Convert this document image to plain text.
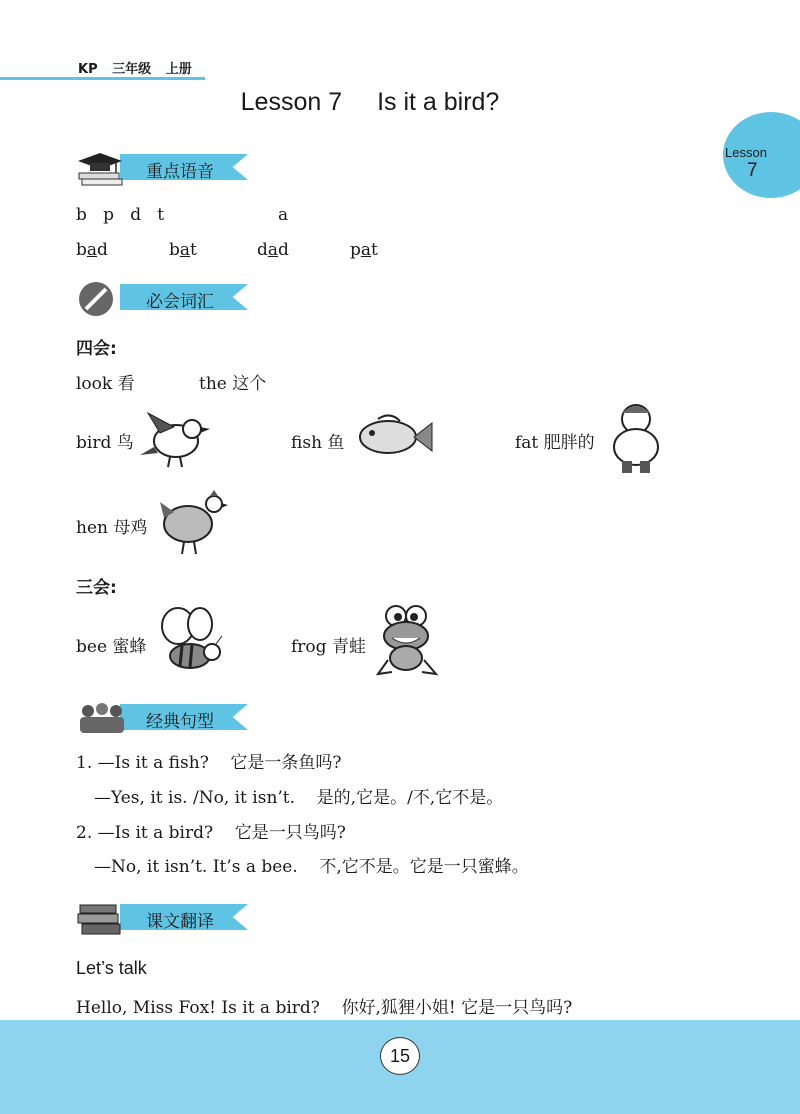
KP 三年级 上册
Lesson 7 Is it a bird?
Lesson
7
重点语音
b   p   d   t	a
bad	bat	dad	pat
必会词汇
四会:
look 看	the 这个
bird 鸟	fish 鱼	fat 肥胖的
hen 母鸡
三会:
bee 蜜蜂	frog 青蛙
经典句型
1. —Is it a fish?    它是一条鱼吗?
—Yes, it is. /No, it isn’t.    是的,它是。/不,它不是。
2. —Is it a bird?    它是一只鸟吗?
—No, it isn’t. It’s a bee.    不,它不是。它是一只蜜蜂。
课文翻译
Let’s talk
Hello, Miss Fox! Is it a bird?    你好,狐狸小姐! 它是一只鸟吗?
15
